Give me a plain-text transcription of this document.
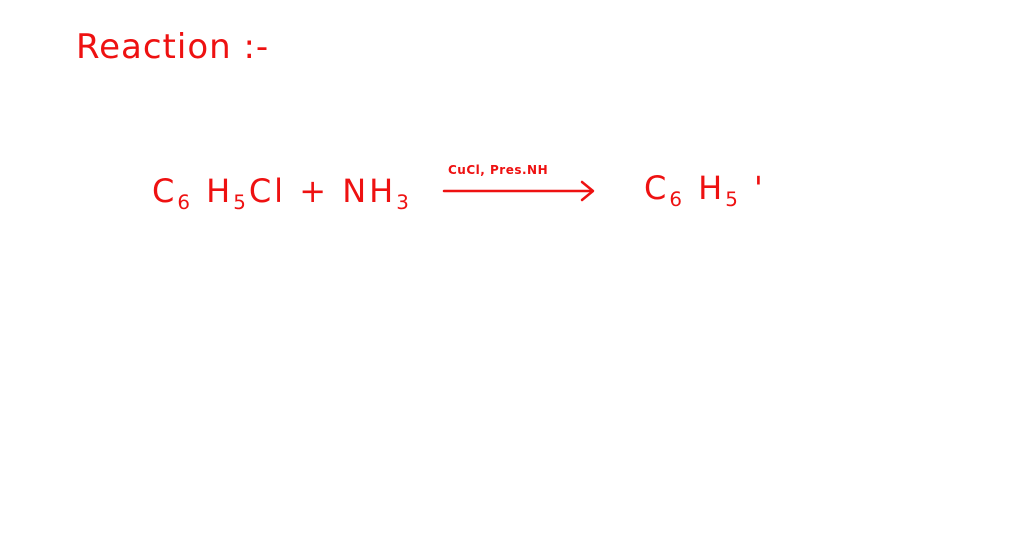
Reaction :-
$C_6$ $H_5Cl + NH_3$
CuCl, Pres.NH	$C_6$ $H_5$ '
